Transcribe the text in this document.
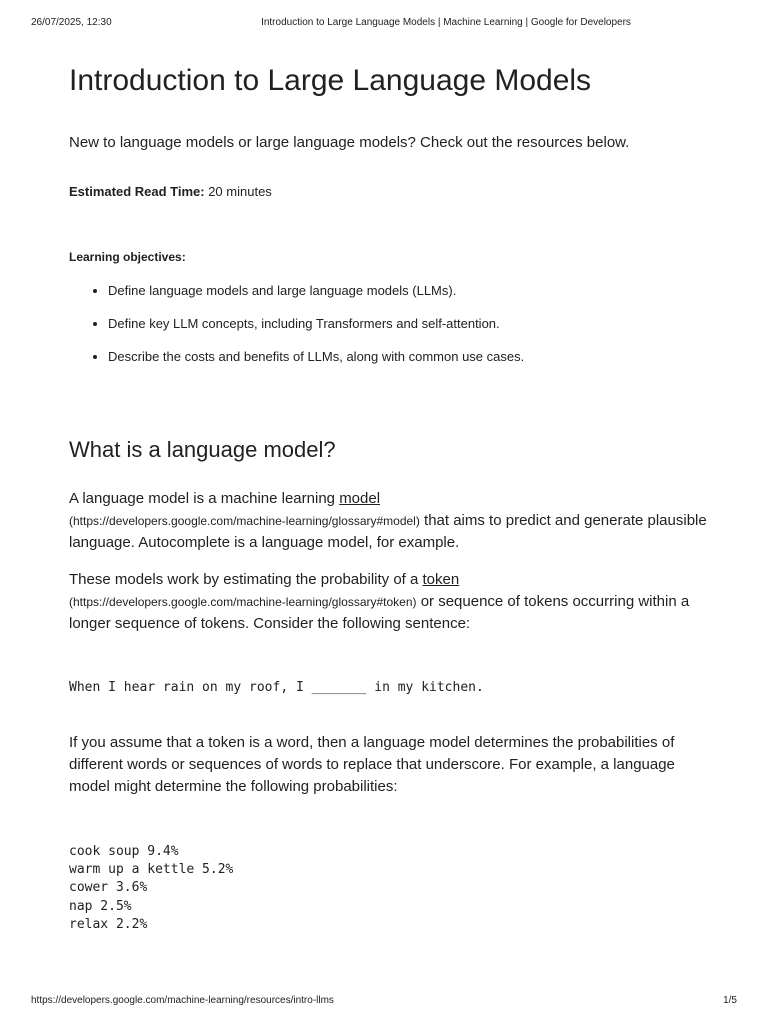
26/07/2025, 12:30	Introduction to Large Language Models | Machine Learning | Google for Developers
Introduction to Large Language Models

New to language models or large language models? Check out the resources below.

Estimated Read Time: 20 minutes

Learning objectives:

• Define language models and large language models (LLMs).
• Define key LLM concepts, including Transformers and self-attention.
• Describe the costs and benefits of LLMs, along with common use cases.
What is a language model?

A language model is a machine learning model
(https://developers.google.com/machine-learning/glossary#model) that aims to predict and generate plausible language. Autocomplete is a language model, for example.

These models work by estimating the probability of a token
(https://developers.google.com/machine-learning/glossary#token) or sequence of tokens occurring within a longer sequence of tokens. Consider the following sentence:

When I hear rain on my roof, I _______ in my kitchen.

If you assume that a token is a word, then a language model determines the probabilities of different words or sequences of words to replace that underscore. For example, a language model might determine the following probabilities:

cook soup 9.4%
warm up a kettle 5.2%
cower 3.6%
nap 2.5%
relax 2.2%
https://developers.google.com/machine-learning/resources/intro-llms	1/5
